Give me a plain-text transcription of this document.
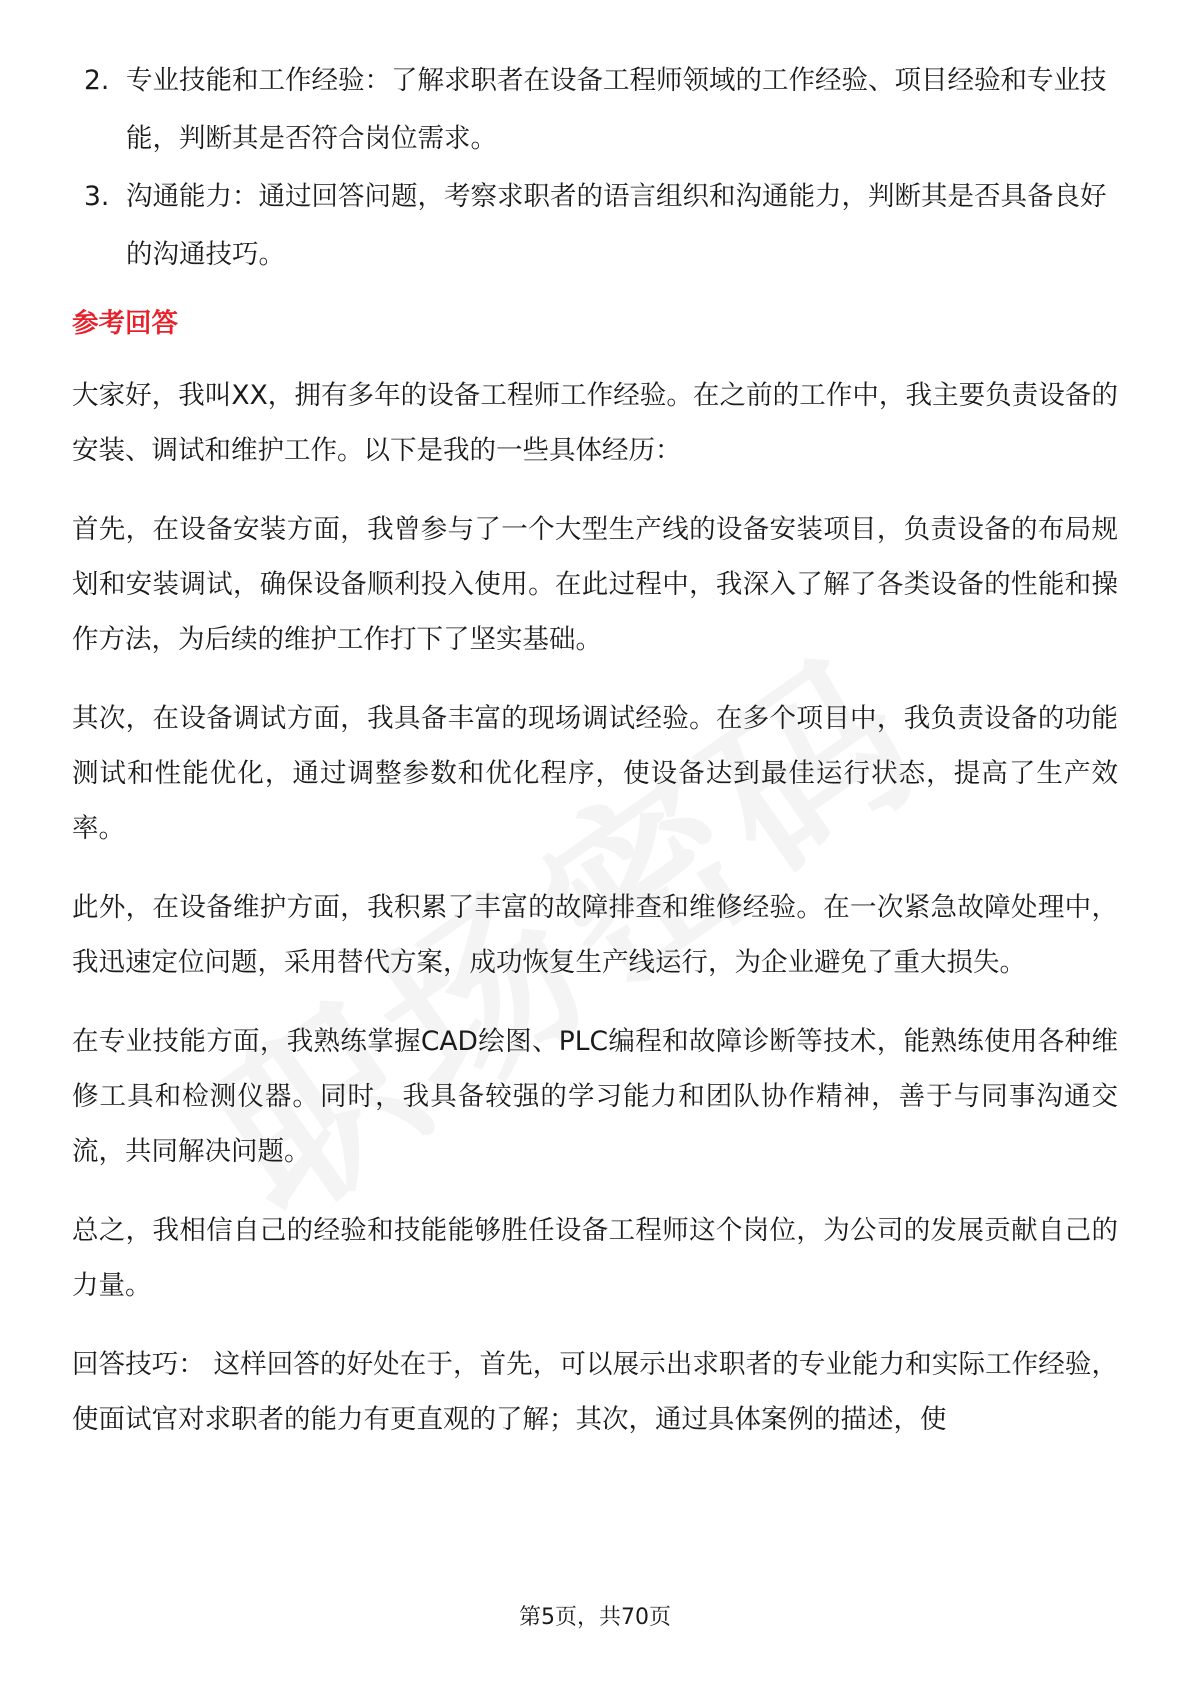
2. 专业技能和工作经验：了解求职者在设备工程师领域的工作经验、项目经验和专业技能，判断其是否符合岗位需求。
3. 沟通能力：通过回答问题，考察求职者的语言组织和沟通能力，判断其是否具备良好的沟通技巧。
参考回答

大家好，我叫XX，拥有多年的设备工程师工作经验。在之前的工作中，我主要负责设备的安装、调试和维护工作。以下是我的一些具体经历：

首先，在设备安装方面，我曾参与了一个大型生产线的设备安装项目，负责设备的布局规划和安装调试，确保设备顺利投入使用。在此过程中，我深入了解了各类设备的性能和操作方法，为后续的维护工作打下了坚实基础。

其次，在设备调试方面，我具备丰富的现场调试经验。在多个项目中，我负责设备的功能测试和性能优化，通过调整参数和优化程序，使设备达到最佳运行状态，提高了生产效率。

此外，在设备维护方面，我积累了丰富的故障排查和维修经验。在一次紧急故障处理中，我迅速定位问题，采用替代方案，成功恢复生产线运行，为企业避免了重大损失。

在专业技能方面，我熟练掌握CAD绘图、PLC编程和故障诊断等技术，能熟练使用各种维修工具和检测仪器。同时，我具备较强的学习能力和团队协作精神，善于与同事沟通交流，共同解决问题。

总之，我相信自己的经验和技能能够胜任设备工程师这个岗位，为公司的发展贡献自己的力量。

回答技巧： 这样回答的好处在于，首先，可以展示出求职者的专业能力和实际工作经验，使面试官对求职者的能力有更直观的了解；其次，通过具体案例的描述，使

第5页，共70页
